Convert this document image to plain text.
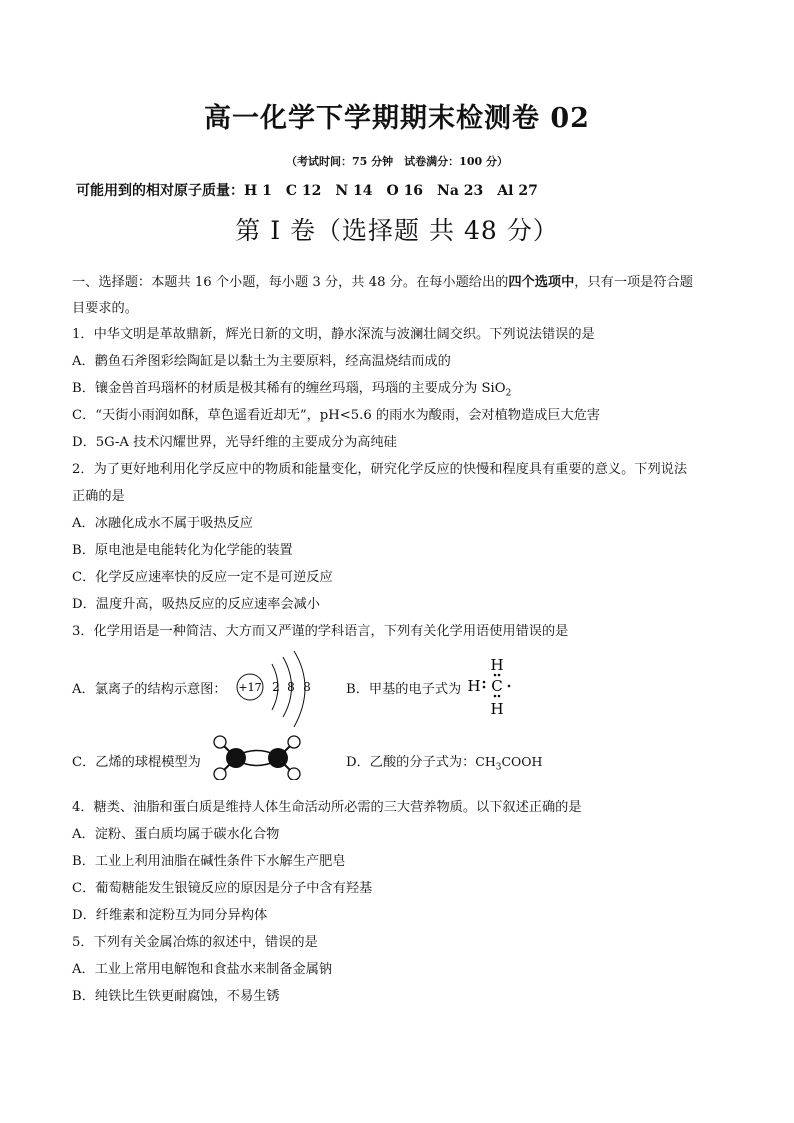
高一化学下学期期末检测卷 02
（考试时间：75 分钟　试卷满分：100 分）
可能用到的相对原子质量：H 1　C 12　N 14　O 16　Na 23　Al 27
第 I 卷（选择题 共 48 分）
一、选择题：本题共 16 个小题，每小题 3 分，共 48 分。在每小题给出的四个选项中，只有一项是符合题
目要求的。
1．中华文明是革故鼎新，辉光日新的文明，静水深流与波澜壮阔交织。下列说法错误的是
A．鹳鱼石斧图彩绘陶缸是以黏土为主要原料，经高温烧结而成的
B．镶金兽首玛瑙杯的材质是极其稀有的缠丝玛瑙，玛瑙的主要成分为 SiO$_2$
C．“天街小雨润如酥，草色遥看近却无”，pH<5.6 的雨水为酸雨，会对植物造成巨大危害
D．5G-A 技术闪耀世界，光导纤维的主要成分为高纯硅
2．为了更好地利用化学反应中的物质和能量变化，研究化学反应的快慢和程度具有重要的意义。下列说法
正确的是
A．冰融化成水不属于吸热反应
B．原电池是电能转化为化学能的装置
C．化学反应速率快的反应一定不是可逆反应
D．温度升高，吸热反应的反应速率会减小
3．化学用语是一种简洁、大方而又严谨的学科语言，下列有关化学用语使用错误的是
A．氯离子的结构示意图： +17 2 8 8	B．甲基的电子式为
H
H C
H
C．乙烯的球棍模型为	D．乙酸的分子式为：$CH_3COOH$
4．糖类、油脂和蛋白质是维持人体生命活动所必需的三大营养物质。以下叙述正确的是
A．淀粉、蛋白质均属于碳水化合物
B．工业上利用油脂在碱性条件下水解生产肥皂
C．葡萄糖能发生银镜反应的原因是分子中含有羟基
D．纤维素和淀粉互为同分异构体
5．下列有关金属冶炼的叙述中，错误的是
A．工业上常用电解饱和食盐水来制备金属钠
B．纯铁比生铁更耐腐蚀，不易生锈
